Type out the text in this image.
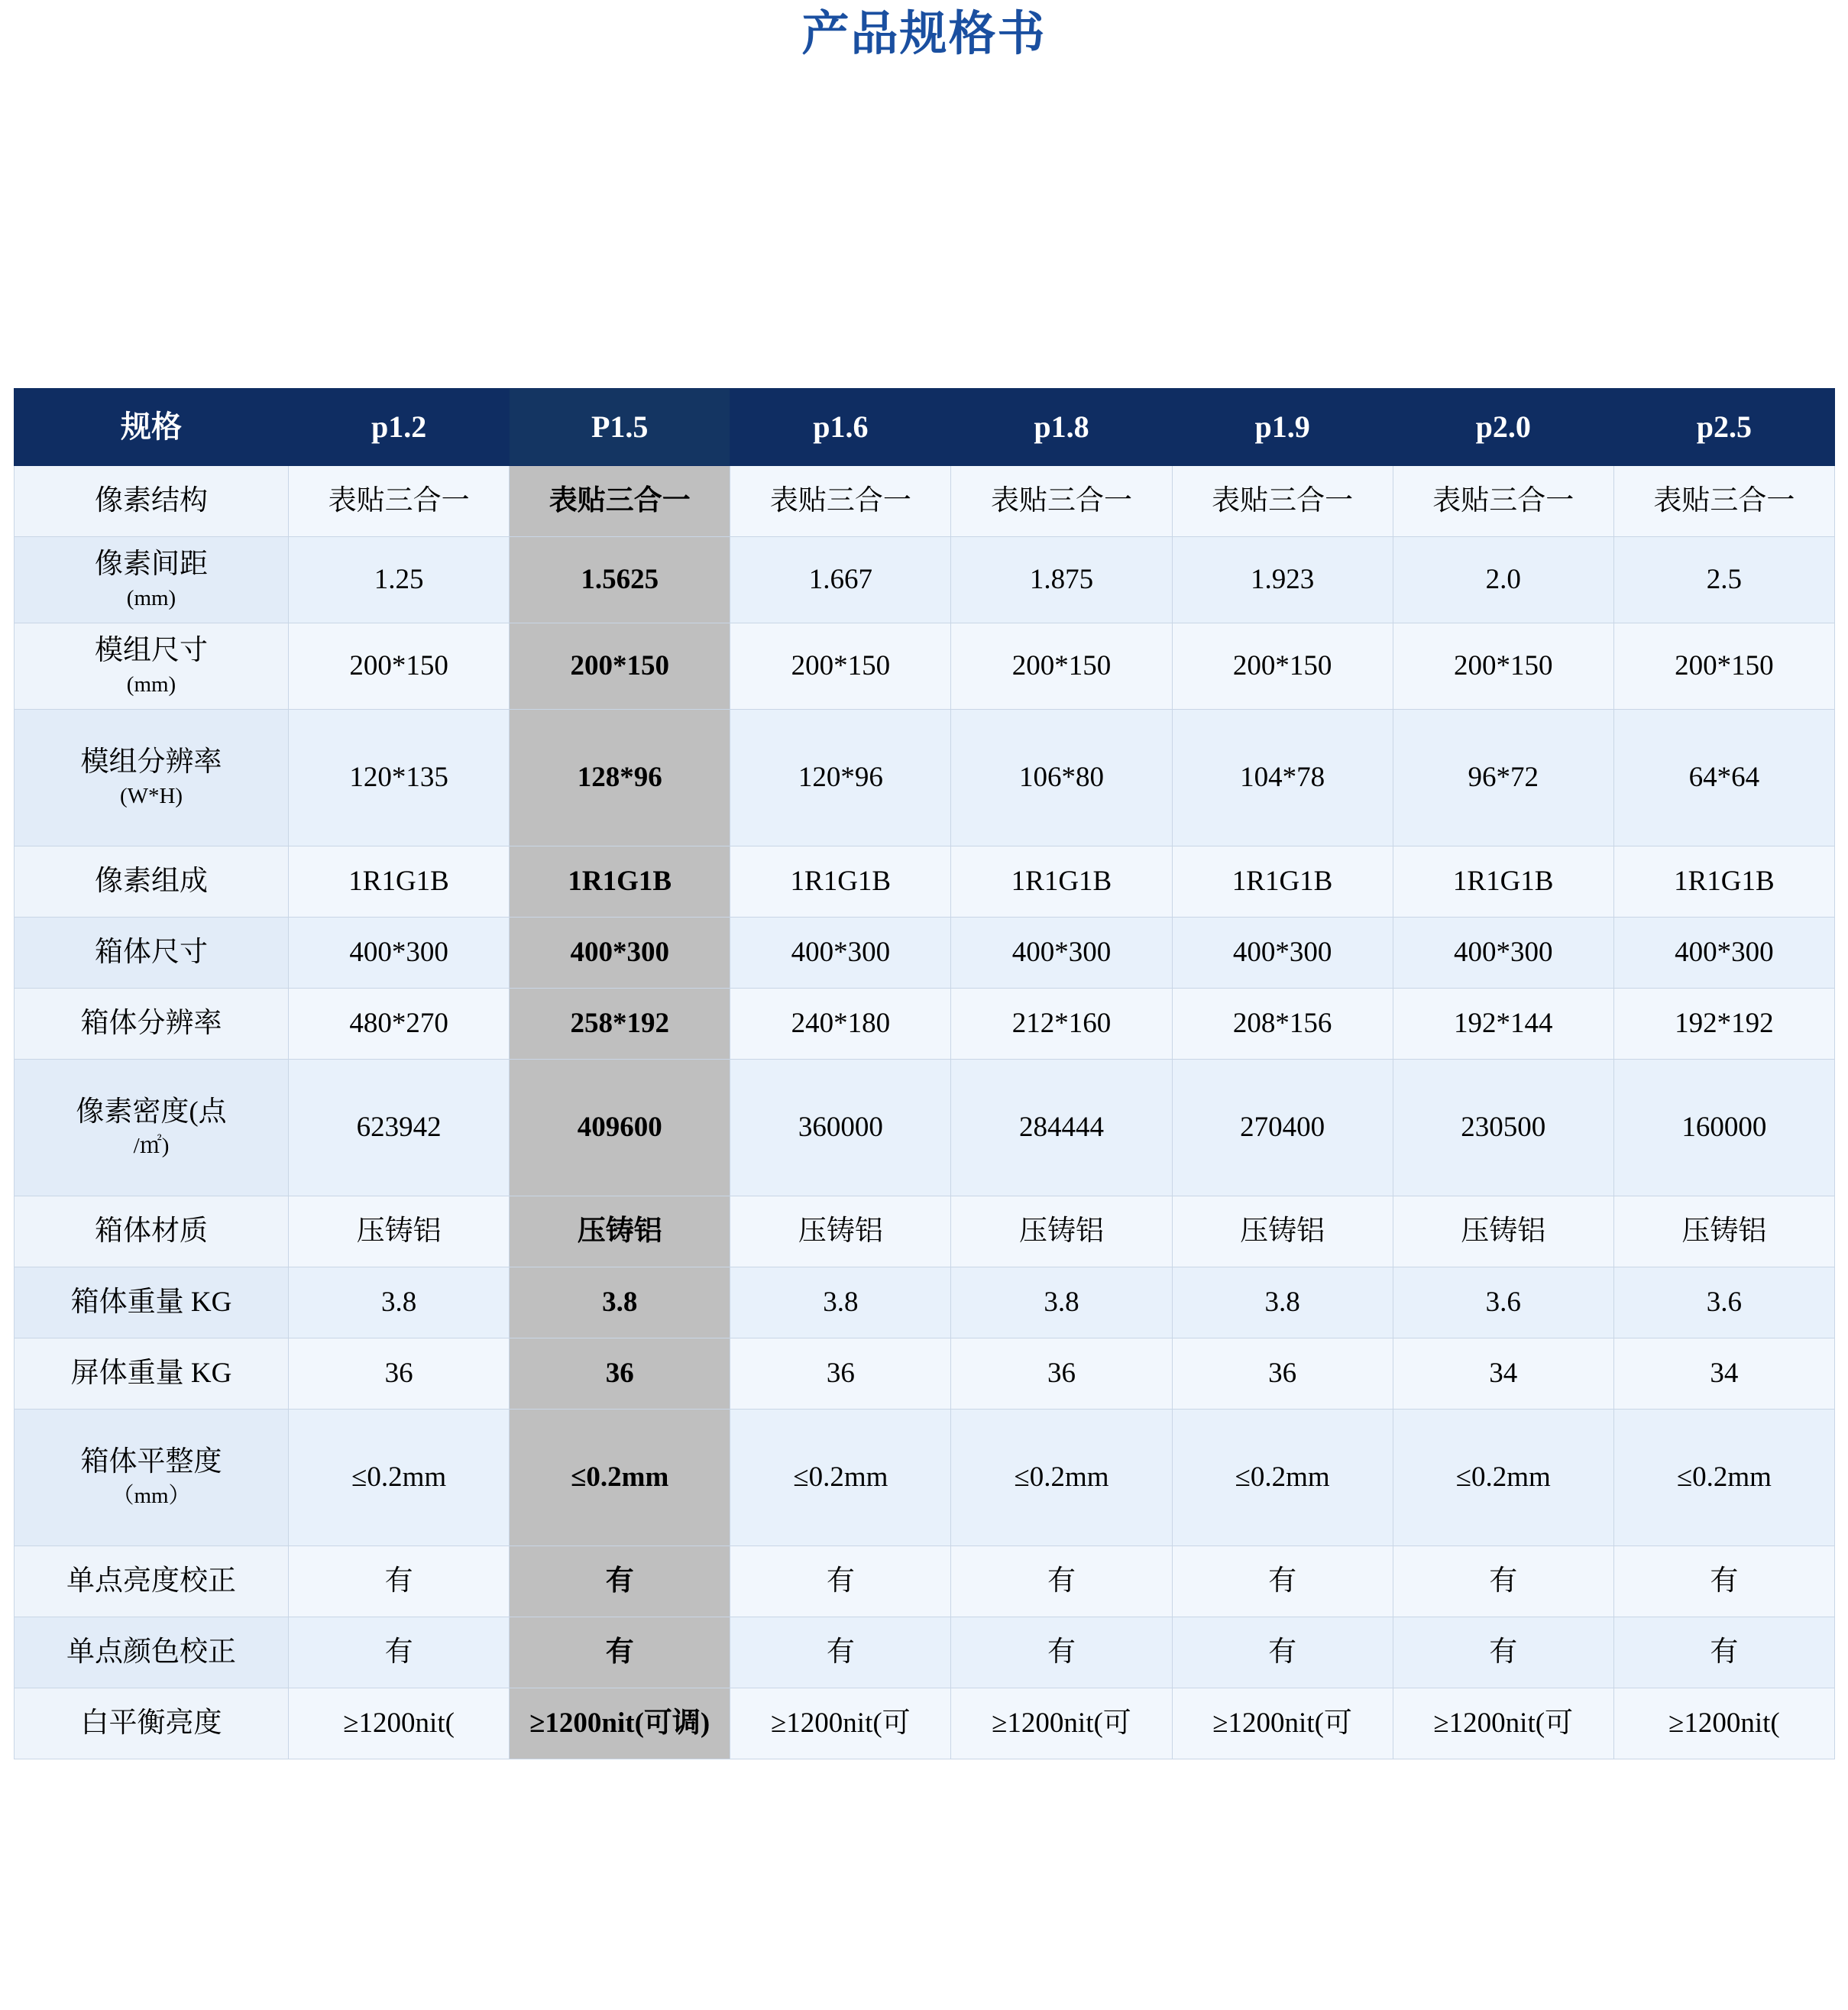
产品规格书
规格	p1.2	P1.5	p1.6	p1.8	p1.9	p2.0	p2.5

像素结构	表贴三合一	表贴三合一	表贴三合一	表贴三合一	表贴三合一	表贴三合一	表贴三合一

像素间距
(mm)	1.25	1.5625	1.667	1.875	1.923	2.0	2.5

模组尺寸
(mm)	200*150	200*150	200*150	200*150	200*150	200*150	200*150

模组分辨率
(W*H)	120*135	128*96	120*96	106*80	104*78	96*72	64*64

像素组成	1R1G1B	1R1G1B	1R1G1B	1R1G1B	1R1G1B	1R1G1B	1R1G1B

箱体尺寸	400*300	400*300	400*300	400*300	400*300	400*300	400*300

箱体分辨率	480*270	258*192	240*180	212*160	208*156	192*144	192*192

像素密度(点
/㎡)	623942	409600	360000	284444	270400	230500	160000

箱体材质	压铸铝	压铸铝	压铸铝	压铸铝	压铸铝	压铸铝	压铸铝

箱体重量 KG	3.8	3.8	3.8	3.8	3.8	3.6	3.6

屏体重量 KG	36	36	36	36	36	34	34

箱体平整度
（mm）	≤0.2mm	≤0.2mm	≤0.2mm	≤0.2mm	≤0.2mm	≤0.2mm	≤0.2mm

单点亮度校正	有	有	有	有	有	有	有

单点颜色校正	有	有	有	有	有	有	有

白平衡亮度	≥1200nit(	≥1200nit(可调)	≥1200nit(可	≥1200nit(可	≥1200nit(可	≥1200nit(可	≥1200nit(
